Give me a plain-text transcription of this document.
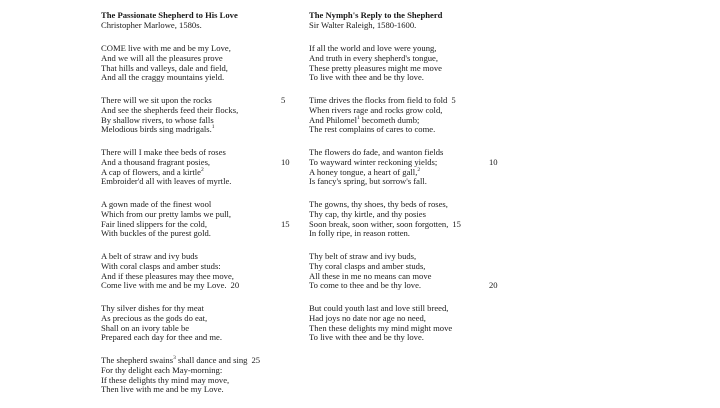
The Passionate Shepherd to His Love
Christopher Marlowe, 1580s.
COME live with me and be my Love,
And we will all the pleasures prove
That hills and valleys, dale and field,
And all the craggy mountains yield.
There will we sit upon the rocks	5
And see the shepherds feed their flocks,
By shallow rivers, to whose falls
Melodious birds sing madrigals.$^1$
There will I make thee beds of roses
And a thousand fragrant posies,	10
A cap of flowers, and a kirtle$^2$
Embroider'd all with leaves of myrtle.
A gown made of the finest wool
Which from our pretty lambs we pull,
Fair lined slippers for the cold,	15
With buckles of the purest gold.
A belt of straw and ivy buds
With coral clasps and amber studs:
And if these pleasures may thee move,
Come live with me and be my Love. 20
Thy silver dishes for thy meat
As precious as the gods do eat,
Shall on an ivory table be
Prepared each day for thee and me.
The shepherd swains$^3$ shall dance and sing 25
For thy delight each May-morning:
If these delights thy mind may move,
Then live with me and be my Love.
The Nymph's Reply to the Shepherd
Sir Walter Raleigh, 1580-1600.
If all the world and love were young,
And truth in every shepherd's tongue,
These pretty pleasures might me move
To live with thee and be thy love.
Time drives the flocks from field to fold 5
When rivers rage and rocks grow cold,
And Philomel$^1$ becometh dumb;
The rest complains of cares to come.
The flowers do fade, and wanton fields
To wayward winter reckoning yields;	10
A honey tongue, a heart of gall,$^2$
Is fancy's spring, but sorrow's fall.
The gowns, thy shoes, thy beds of roses,
Thy cap, thy kirtle, and thy posies
Soon break, soon wither, soon forgotten, 15
In folly ripe, in reason rotten.
Thy belt of straw and ivy buds,
Thy coral clasps and amber studs,
All these in me no means can move
To come to thee and be thy love.	20
But could youth last and love still breed,
Had joys no date nor age no need,
Then these delights my mind might move
To live with thee and be thy love.
